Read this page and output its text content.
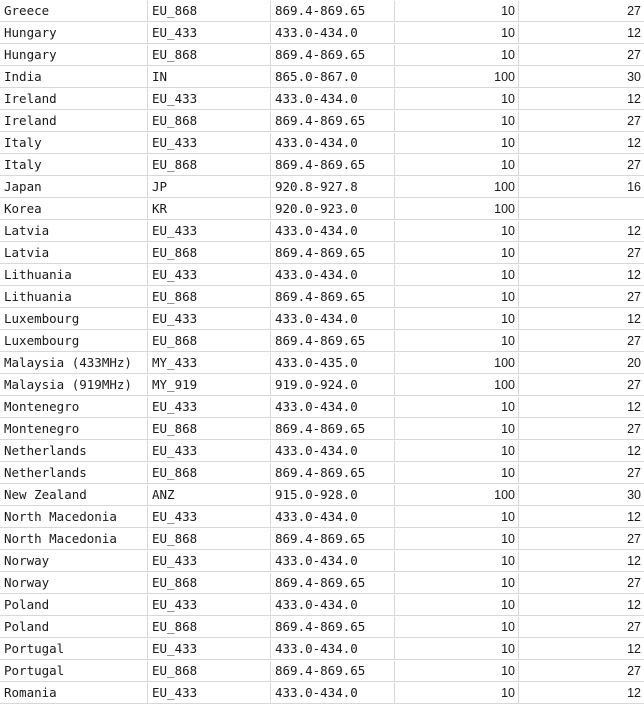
Greece	EU_868	869.4-869.65	10	27
Hungary	EU_433	433.0-434.0	10	12
Hungary	EU_868	869.4-869.65	10	27
India	IN	865.0-867.0	100	30
Ireland	EU_433	433.0-434.0	10	12
Ireland	EU_868	869.4-869.65	10	27
Italy	EU_433	433.0-434.0	10	12
Italy	EU_868	869.4-869.65	10	27
Japan	JP	920.8-927.8	100	16
Korea	KR	920.0-923.0	100
Latvia	EU_433	433.0-434.0	10	12
Latvia	EU_868	869.4-869.65	10	27
Lithuania	EU_433	433.0-434.0	10	12
Lithuania	EU_868	869.4-869.65	10	27
Luxembourg	EU_433	433.0-434.0	10	12
Luxembourg	EU_868	869.4-869.65	10	27
Malaysia (433MHz)	MY_433	433.0-435.0	100	20
Malaysia (919MHz)	MY_919	919.0-924.0	100	27
Montenegro	EU_433	433.0-434.0	10	12
Montenegro	EU_868	869.4-869.65	10	27
Netherlands	EU_433	433.0-434.0	10	12
Netherlands	EU_868	869.4-869.65	10	27
New Zealand	ANZ	915.0-928.0	100	30
North Macedonia	EU_433	433.0-434.0	10	12
North Macedonia	EU_868	869.4-869.65	10	27
Norway	EU_433	433.0-434.0	10	12
Norway	EU_868	869.4-869.65	10	27
Poland	EU_433	433.0-434.0	10	12
Poland	EU_868	869.4-869.65	10	27
Portugal	EU_433	433.0-434.0	10	12
Portugal	EU_868	869.4-869.65	10	27
Romania	EU_433	433.0-434.0	10	12
